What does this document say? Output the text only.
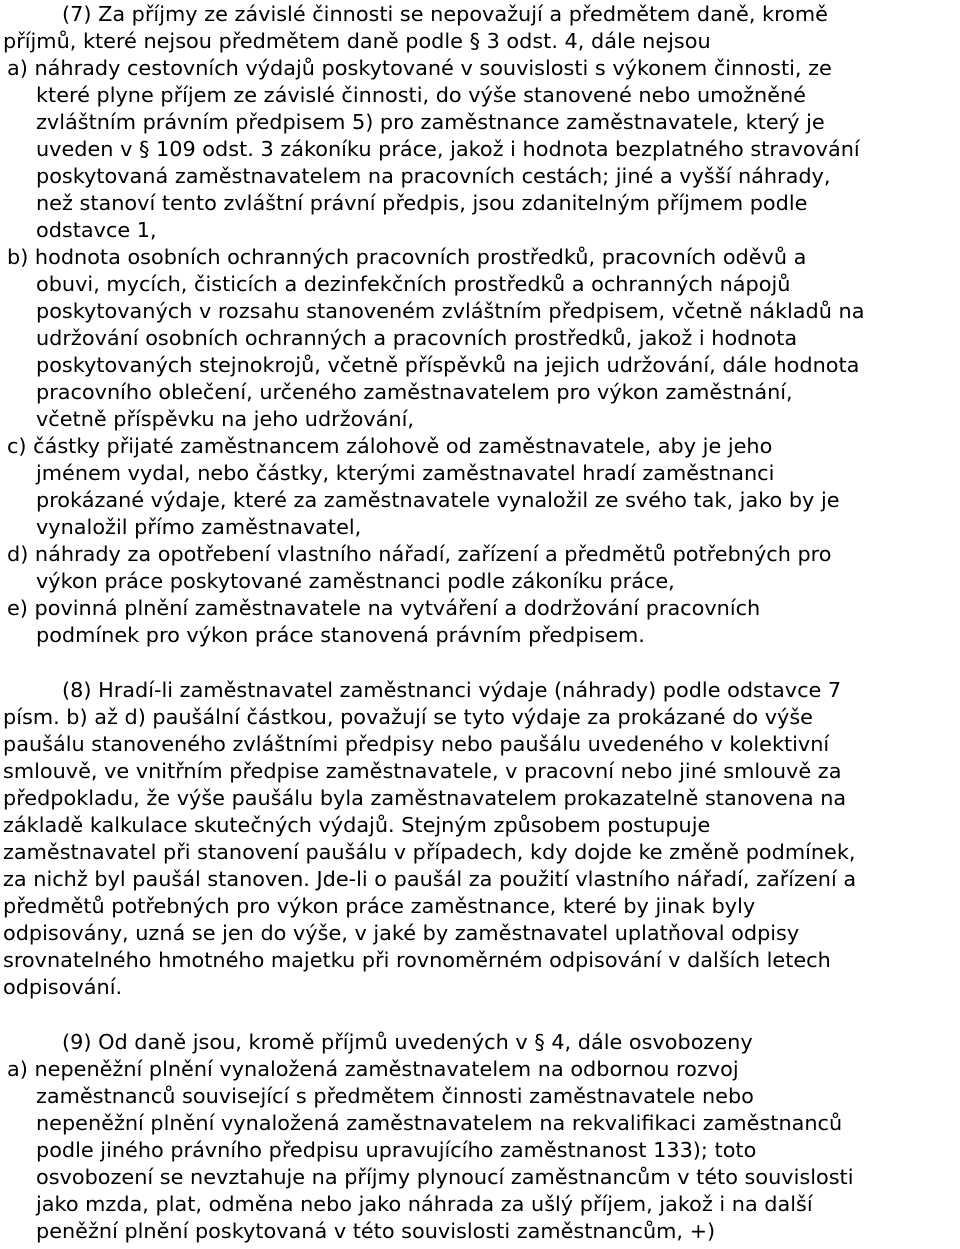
(7) Za příjmy ze závislé činnosti se nepovažují a předmětem daně, kromě
příjmů, které nejsou předmětem daně podle § 3 odst. 4, dále nejsou
a) náhrady cestovních výdajů poskytované v souvislosti s výkonem činnosti, ze
které plyne příjem ze závislé činnosti, do výše stanovené nebo umožněné
zvláštním právním předpisem 5) pro zaměstnance zaměstnavatele, který je
uveden v § 109 odst. 3 zákoníku práce, jakož i hodnota bezplatného stravování
poskytovaná zaměstnavatelem na pracovních cestách; jiné a vyšší náhrady,
než stanoví tento zvláštní právní předpis, jsou zdanitelným příjmem podle
odstavce 1,
b) hodnota osobních ochranných pracovních prostředků, pracovních oděvů a
obuvi, mycích, čisticích a dezinfekčních prostředků a ochranných nápojů
poskytovaných v rozsahu stanoveném zvláštním předpisem, včetně nákladů na
udržování osobních ochranných a pracovních prostředků, jakož i hodnota
poskytovaných stejnokrojů, včetně příspěvků na jejich udržování, dále hodnota
pracovního oblečení, určeného zaměstnavatelem pro výkon zaměstnání,
včetně příspěvku na jeho udržování,
c) částky přijaté zaměstnancem zálohově od zaměstnavatele, aby je jeho
jménem vydal, nebo částky, kterými zaměstnavatel hradí zaměstnanci
prokázané výdaje, které za zaměstnavatele vynaložil ze svého tak, jako by je
vynaložil přímo zaměstnavatel,
d) náhrady za opotřebení vlastního nářadí, zařízení a předmětů potřebných pro
výkon práce poskytované zaměstnanci podle zákoníku práce,
e) povinná plnění zaměstnavatele na vytváření a dodržování pracovních
podmínek pro výkon práce stanovená právním předpisem.
(8) Hradí-li zaměstnavatel zaměstnanci výdaje (náhrady) podle odstavce 7
písm. b) až d) paušální částkou, považují se tyto výdaje za prokázané do výše
paušálu stanoveného zvláštními předpisy nebo paušálu uvedeného v kolektivní
smlouvě, ve vnitřním předpise zaměstnavatele, v pracovní nebo jiné smlouvě za
předpokladu, že výše paušálu byla zaměstnavatelem prokazatelně stanovena na
základě kalkulace skutečných výdajů. Stejným způsobem postupuje
zaměstnavatel při stanovení paušálu v případech, kdy dojde ke změně podmínek,
za nichž byl paušál stanoven. Jde-li o paušál za použití vlastního nářadí, zařízení a
předmětů potřebných pro výkon práce zaměstnance, které by jinak byly
odpisovány, uzná se jen do výše, v jaké by zaměstnavatel uplatňoval odpisy
srovnatelného hmotného majetku při rovnoměrném odpisování v dalších letech
odpisování.
(9) Od daně jsou, kromě příjmů uvedených v § 4, dále osvobozeny
a) nepeněžní plnění vynaložená zaměstnavatelem na odbornou rozvoj
zaměstnanců související s předmětem činnosti zaměstnavatele nebo
nepeněžní plnění vynaložená zaměstnavatelem na rekvalifikaci zaměstnanců
podle jiného právního předpisu upravujícího zaměstnanost 133); toto
osvobození se nevztahuje na příjmy plynoucí zaměstnancům v této souvislosti
jako mzda, plat, odměna nebo jako náhrada za ušlý příjem, jakož i na další
peněžní plnění poskytovaná v této souvislosti zaměstnancům, +)
